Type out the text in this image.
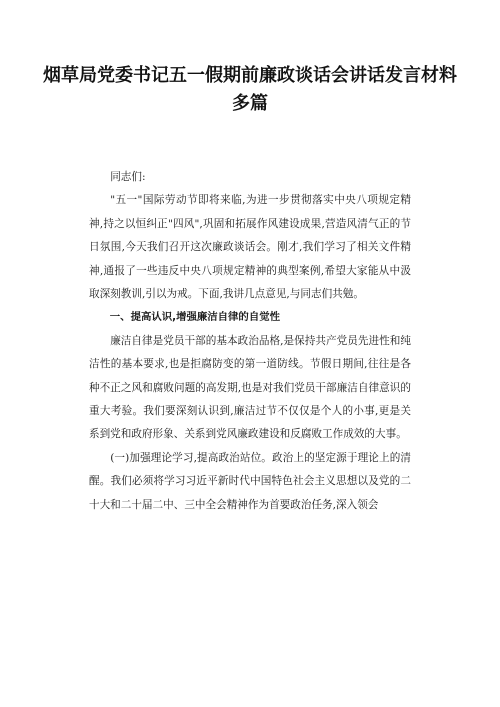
烟草局党委书记五一假期前廉政谈话会讲话发言材料多篇

同志们:

"五一"国际劳动节即将来临,为进一步贯彻落实中央八项规定精神,持之以恒纠正"四风",巩固和拓展作风建设成果,营造风清气正的节日氛围,今天我们召开这次廉政谈话会。刚才,我们学习了相关文件精神,通报了一些违反中央八项规定精神的典型案例,希望大家能从中汲取深刻教训,引以为戒。下面,我讲几点意见,与同志们共勉。

一、提高认识,增强廉洁自律的自觉性

廉洁自律是党员干部的基本政治品格,是保持共产党员先进性和纯洁性的基本要求,也是拒腐防变的第一道防线。节假日期间,往往是各种不正之风和腐败问题的高发期,也是对我们党员干部廉洁自律意识的重大考验。我们要深刻认识到,廉洁过节不仅仅是个人的小事,更是关系到党和政府形象、关系到党风廉政建设和反腐败工作成效的大事。

(一)加强理论学习,提高政治站位。政治上的坚定源于理论上的清醒。我们必须将学习习近平新时代中国特色社会主义思想以及党的二十大和二十届二中、三中全会精神作为首要政治任务,深入领会
